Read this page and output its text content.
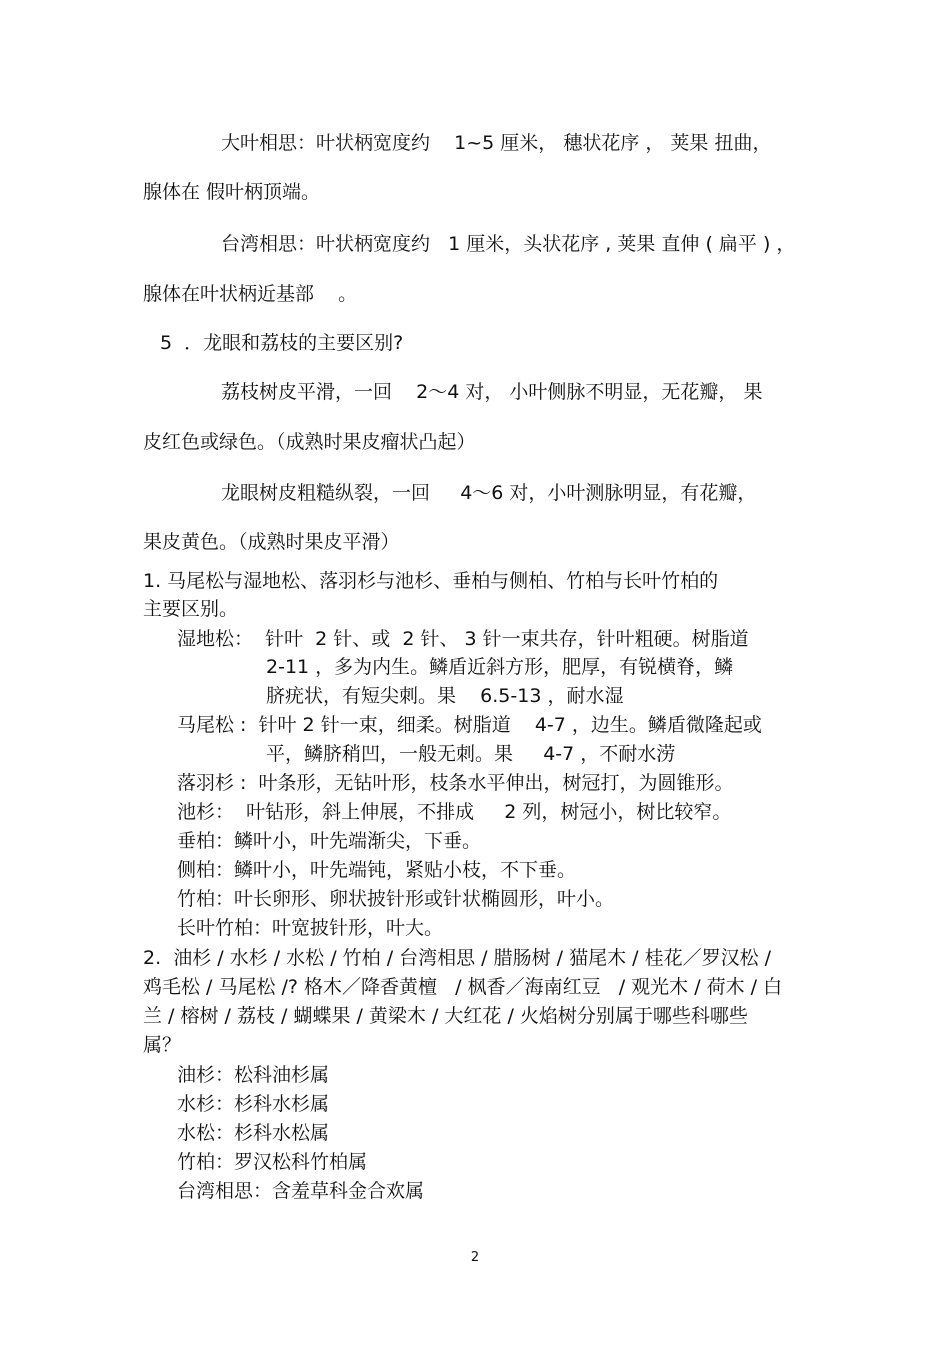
大叶相思：叶状柄宽度约    1~5 厘米， 穗状花序 ， 荚果 扭曲，

腺体在 假叶柄顶端。

台湾相思：叶状柄宽度约   1 厘米，头状花序 , 荚果 直伸 ( 扁平 ) ，

腺体在叶状柄近基部    。

5  ．龙眼和荔枝的主要区别?

荔枝树皮平滑，一回    2～4 对， 小叶侧脉不明显，无花瓣， 果

皮红色或绿色。（成熟时果皮瘤状凸起）

龙眼树皮粗糙纵裂，一回     4～6 对，小叶测脉明显，有花瓣，

果皮黄色。（成熟时果皮平滑）

1. 马尾松与湿地松、落羽杉与池杉、垂柏与侧柏、竹柏与长叶竹柏的

主要区别。

湿地松：  针叶  2 针、或  2 针、 3 针一束共存，针叶粗硬。树脂道

2-11 ，多为内生。鳞盾近斜方形，肥厚，有锐横脊，鳞

脐疣状，有短尖刺。果    6.5-13 ，耐水湿

马尾松 :  针叶 2 针一束，细柔。树脂道    4-7 ，边生。鳞盾微隆起或

平，鳞脐稍凹，一般无刺。果     4-7 ，不耐水涝

落羽杉 :  叶条形，无钻叶形，枝条水平伸出，树冠打，为圆锥形。

池杉：  叶钻形，斜上伸展，不排成     2 列，树冠小，树比较窄。

垂柏：鳞叶小，叶先端渐尖，下垂。

侧柏：鳞叶小，叶先端钝，紧贴小枝，不下垂。

竹柏：叶长卵形、卵状披针形或针状椭圆形，叶小。

长叶竹柏：叶宽披针形，叶大。

2.  油杉 / 水杉 / 水松 / 竹柏 / 台湾相思 / 腊肠树 / 猫尾木 / 桂花／罗汉松 /

鸡毛松 / 马尾松 /? 格木／降香黄檀   / 枫香／海南红豆   / 观光木 / 荷木 / 白

兰 / 榕树 / 荔枝 / 蝴蝶果 / 黄梁木 / 大红花 / 火焰树分别属于哪些科哪些

属？

油杉：松科油杉属

水杉：杉科水杉属

水松：杉科水松属

竹柏：罗汉松科竹柏属

台湾相思：含羞草科金合欢属

2
